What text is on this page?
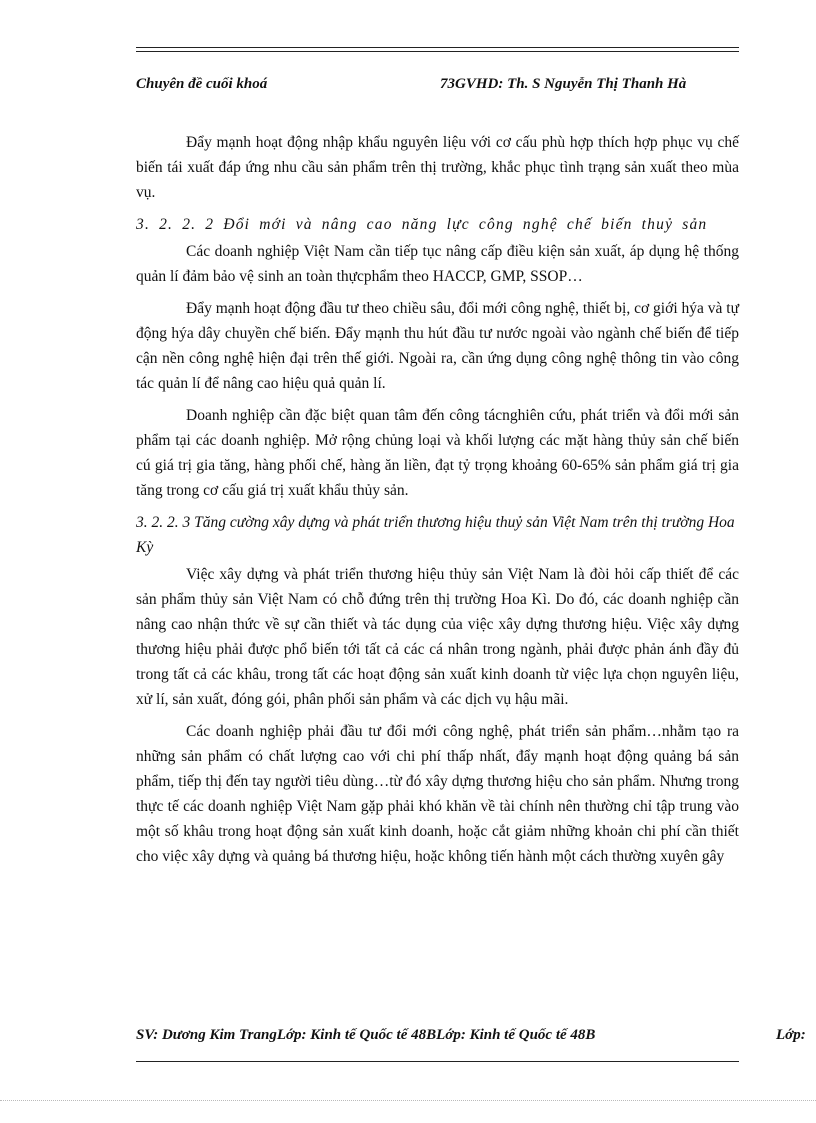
Chuyên đề cuối khoá	73GVHD: Th. S Nguyễn Thị Thanh Hà

Đẩy mạnh hoạt động nhập khẩu nguyên liệu với cơ cấu phù hợp thích hợp phục vụ chế biến tái xuất đáp ứng nhu cầu sản phẩm trên thị trường, khắc phục tình trạng sản xuất theo mùa vụ.

3. 2. 2. 2 Đổi mới và nâng cao năng lực công nghệ chế biến thuỷ sản

Các doanh nghiệp Việt Nam cần tiếp tục nâng cấp điều kiện sản xuất, áp dụng hệ thống quản lí đảm bảo vệ sinh an toàn thựcphẩm theo HACCP, GMP, SSOP…

Đẩy mạnh hoạt động đầu tư theo chiều sâu, đổi mới công nghệ, thiết bị, cơ giới hýa và tự động hýa dây chuyền chế biến. Đẩy mạnh thu hút đầu tư nước ngoài vào ngành chế biến để tiếp cận nền công nghệ hiện đại trên thế giới. Ngoài ra, cần ứng dụng công nghệ thông tin vào công tác quản lí để nâng cao hiệu quả quản lí.

Doanh nghiệp cần đặc biệt quan tâm đến công tácnghiên cứu, phát triển và đổi mới sản phẩm tại các doanh nghiệp. Mở rộng chủng loại và khối lượng các mặt hàng thủy sản chế biến cú giá trị gia tăng, hàng phối chế, hàng ăn liền, đạt tỷ trọng khoảng 60-65% sản phẩm giá trị gia tăng trong cơ cấu giá trị xuất khẩu thủy sản.

3. 2. 2. 3 Tăng cường xây dựng và phát triển thương hiệu thuỷ sản Việt Nam trên thị trường Hoa Kỳ

Việc xây dựng và phát triển thương hiệu thủy sản Việt Nam là đòi hỏi cấp thiết để các sản phẩm thủy sản Việt Nam có chỗ đứng trên thị trường Hoa Kì. Do đó, các doanh nghiệp cần nâng cao nhận thức về sự cần thiết và tác dụng của việc xây dựng thương hiệu. Việc xây dựng thương hiệu phải được phổ biến tới tất cả các cá nhân trong ngành, phải được phản ánh đầy đủ trong tất cả các khâu, trong tất các hoạt động sản xuất kinh doanh từ việc lựa chọn nguyên liệu, xử lí, sản xuất, đóng gói, phân phối sản phẩm và các dịch vụ hậu mãi.

Các doanh nghiệp phải đầu tư đổi mới công nghệ, phát triển sản phẩm…nhằm tạo ra những sản phẩm có chất lượng cao với chi phí thấp nhất, đẩy mạnh hoạt động quảng bá sản phẩm, tiếp thị đến tay người tiêu dùng…từ đó xây dựng thương hiệu cho sản phẩm. Nhưng trong thực tế các doanh nghiệp Việt Nam gặp phải khó khăn về tài chính nên thường chỉ tập trung vào một số khâu trong hoạt động sản xuất kinh doanh, hoặc cắt giảm những khoản chi phí cần thiết cho việc xây dựng và quảng bá thương hiệu, hoặc không tiến hành một cách thường xuyên gây

SV: Dương Kim TrangLớp: Kinh tế Quốc tế 48BLớp: Kinh tế Quốc tế 48B	Lớp:
